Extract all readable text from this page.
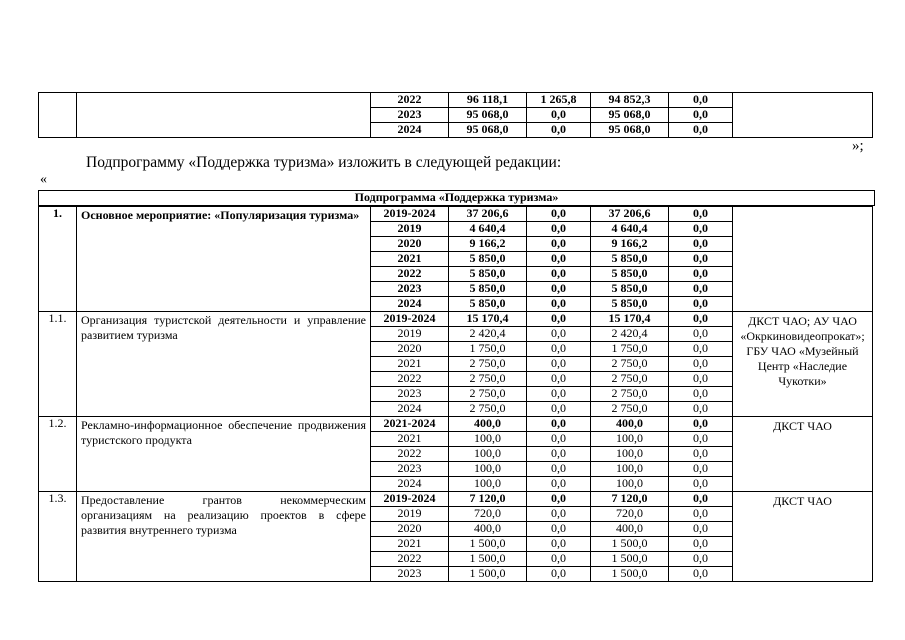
		2022	96 118,1	1 265,8	94 852,3	0,0	
		2023	95 068,0	0,0	95 068,0	0,0	
		2024	95 068,0	0,0	95 068,0	0,0	
»;
Подпрограмму «Поддержка туризма» изложить в следующей редакции:
«
Подпрограмма «Поддержка туризма»
1.	Основное мероприятие: «Популяризация туризма»	2019-2024	37 206,6	0,0	37 206,6	0,0	
		2019	4 640,4	0,0	4 640,4	0,0	
		2020	9 166,2	0,0	9 166,2	0,0	
		2021	5 850,0	0,0	5 850,0	0,0	
		2022	5 850,0	0,0	5 850,0	0,0	
		2023	5 850,0	0,0	5 850,0	0,0	
		2024	5 850,0	0,0	5 850,0	0,0	
1.1.	Организация туристской деятельности и управление развитием туризма	2019-2024	15 170,4	0,0	15 170,4	0,0	ДКСТ ЧАО; АУ ЧАО «Окркиновидеопрокат»; ГБУ ЧАО «Музейный Центр «Наследие Чукотки»
		2019	2 420,4	0,0	2 420,4	0,0	
		2020	1 750,0	0,0	1 750,0	0,0	
		2021	2 750,0	0,0	2 750,0	0,0	
		2022	2 750,0	0,0	2 750,0	0,0	
		2023	2 750,0	0,0	2 750,0	0,0	
		2024	2 750,0	0,0	2 750,0	0,0	
1.2.	Рекламно-информационное обеспечение продвижения туристского продукта	2021-2024	400,0	0,0	400,0	0,0	ДКСТ ЧАО
		2021	100,0	0,0	100,0	0,0	
		2022	100,0	0,0	100,0	0,0	
		2023	100,0	0,0	100,0	0,0	
		2024	100,0	0,0	100,0	0,0	
1.3.	Предоставление грантов некоммерческим организациям на реализацию проектов в сфере развития внутреннего туризма	2019-2024	7 120,0	0,0	7 120,0	0,0	ДКСТ ЧАО
		2019	720,0	0,0	720,0	0,0	
		2020	400,0	0,0	400,0	0,0	
		2021	1 500,0	0,0	1 500,0	0,0	
		2022	1 500,0	0,0	1 500,0	0,0	
		2023	1 500,0	0,0	1 500,0	0,0	
